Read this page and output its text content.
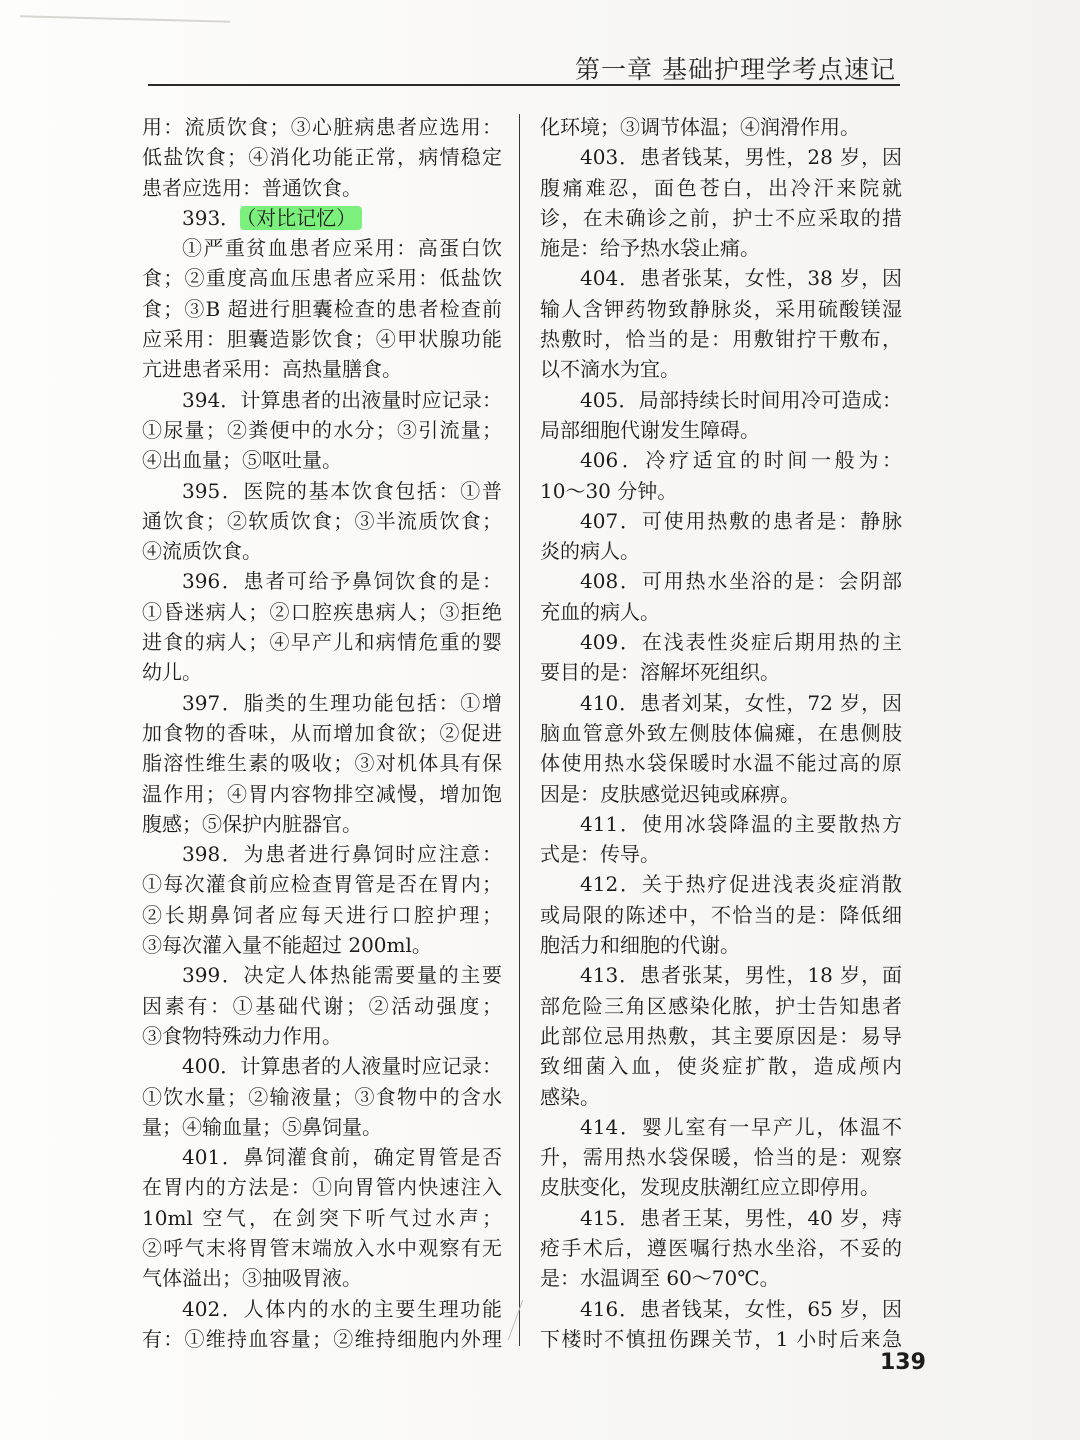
第一章 基础护理学考点速记
用：流质饮食；③心脏病患者应选用：
低盐饮食；④消化功能正常，病情稳定
患者应选用：普通饮食。
393． （对比记忆）
①严重贫血患者应采用：高蛋白饮
食；②重度高血压患者应采用：低盐饮
食；③B 超进行胆囊检查的患者检查前
应采用：胆囊造影饮食；④甲状腺功能
亢进患者采用：高热量膳食。
394．计算患者的出液量时应记录：
①尿量；②粪便中的水分；③引流量；
④出血量；⑤呕吐量。
395．医院的基本饮食包括：①普
通饮食；②软质饮食；③半流质饮食；
④流质饮食。
396．患者可给予鼻饲饮食的是：
①昏迷病人；②口腔疾患病人；③拒绝
进食的病人；④早产儿和病情危重的婴
幼儿。
397．脂类的生理功能包括：①增
加食物的香味，从而增加食欲；②促进
脂溶性维生素的吸收；③对机体具有保
温作用；④胃内容物排空减慢，增加饱
腹感；⑤保护内脏器官。
398．为患者进行鼻饲时应注意：
①每次灌食前应检查胃管是否在胃内；
②长期鼻饲者应每天进行口腔护理；
③每次灌入量不能超过 200ml。
399．决定人体热能需要量的主要
因素有：①基础代谢；②活动强度；
③食物特殊动力作用。
400．计算患者的人液量时应记录：
①饮水量；②输液量；③食物中的含水
量；④输血量；⑤鼻饲量。
401．鼻饲灌食前，确定胃管是否
在胃内的方法是：①向胃管内快速注入
10ml 空气，在剑突下听气过水声；
②呼气末将胃管末端放入水中观察有无
气体溢出；③抽吸胃液。
402．人体内的水的主要生理功能
有：①维持血容量；②维持细胞内外理
化环境；③调节体温；④润滑作用。
403．患者钱某，男性，28 岁，因
腹痛难忍，面色苍白，出冷汗来院就
诊，在未确诊之前，护士不应采取的措
施是：给予热水袋止痛。
404．患者张某，女性，38 岁，因
输人含钾药物致静脉炎，采用硫酸镁湿
热敷时，恰当的是：用敷钳拧干敷布，
以不滴水为宜。
405．局部持续长时间用冷可造成：
局部细胞代谢发生障碍。
406．冷疗适宜的时间一般为：
10～30 分钟。
407．可使用热敷的患者是：静脉
炎的病人。
408．可用热水坐浴的是：会阴部
充血的病人。
409．在浅表性炎症后期用热的主
要目的是：溶解坏死组织。
410．患者刘某，女性，72 岁，因
脑血管意外致左侧肢体偏瘫，在患侧肢
体使用热水袋保暖时水温不能过高的原
因是：皮肤感觉迟钝或麻痹。
411．使用冰袋降温的主要散热方
式是：传导。
412．关于热疗促进浅表炎症消散
或局限的陈述中，不恰当的是：降低细
胞活力和细胞的代谢。
413．患者张某，男性，18 岁，面
部危险三角区感染化脓，护士告知患者
此部位忌用热敷，其主要原因是：易导
致细菌入血，使炎症扩散，造成颅内
感染。
414．婴儿室有一早产儿，体温不
升，需用热水袋保暖，恰当的是：观察
皮肤变化，发现皮肤潮红应立即停用。
415．患者王某，男性，40 岁，痔
疮手术后，遵医嘱行热水坐浴，不妥的
是：水温调至 60～70℃。
416．患者钱某，女性，65 岁，因
下楼时不慎扭伤踝关节，1 小时后来急
139
